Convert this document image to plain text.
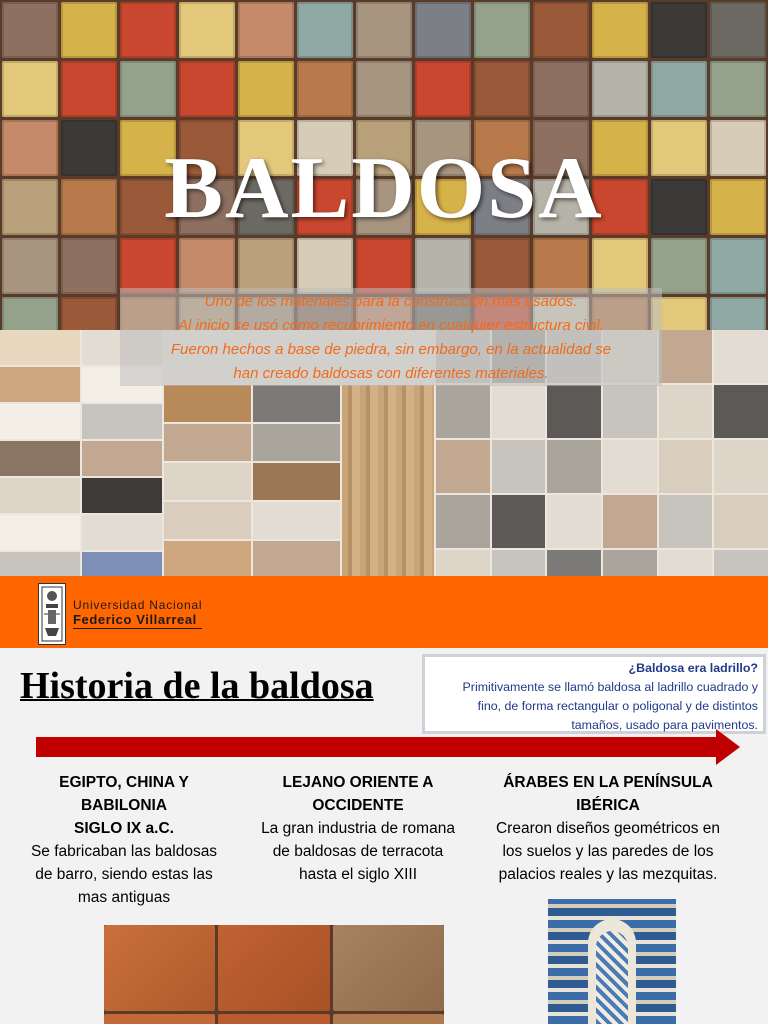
BALDOSA
Uno de los materiales para la construcción más usados.
Al inicio se usó como recubrimiento en cualquier estructura civil.
Fueron hechos a base de piedra, sin embargo, en la actualidad se
han creado baldosas con diferentes materiales.
Universidad Nacional
Federico Villarreal
Historia de la baldosa	¿Baldosa era ladrillo?
Primitivamente se llamó baldosa al ladrillo cuadrado y
fino, de forma rectangular o poligonal y de distintos
tamaños, usado para pavimentos.
EGIPTO, CHINA Y
BABILONIA
SIGLO IX a.C.
Se fabricaban las baldosas
de barro, siendo estas las
mas antiguas
LEJANO ORIENTE A
OCCIDENTE
La gran industria de romana
de baldosas de terracota
hasta el siglo XIII
ÁRABES EN LA PENÍNSULA
IBÉRICA
Crearon diseños geométricos en
los suelos y las paredes de los
palacios reales y las mezquitas.
